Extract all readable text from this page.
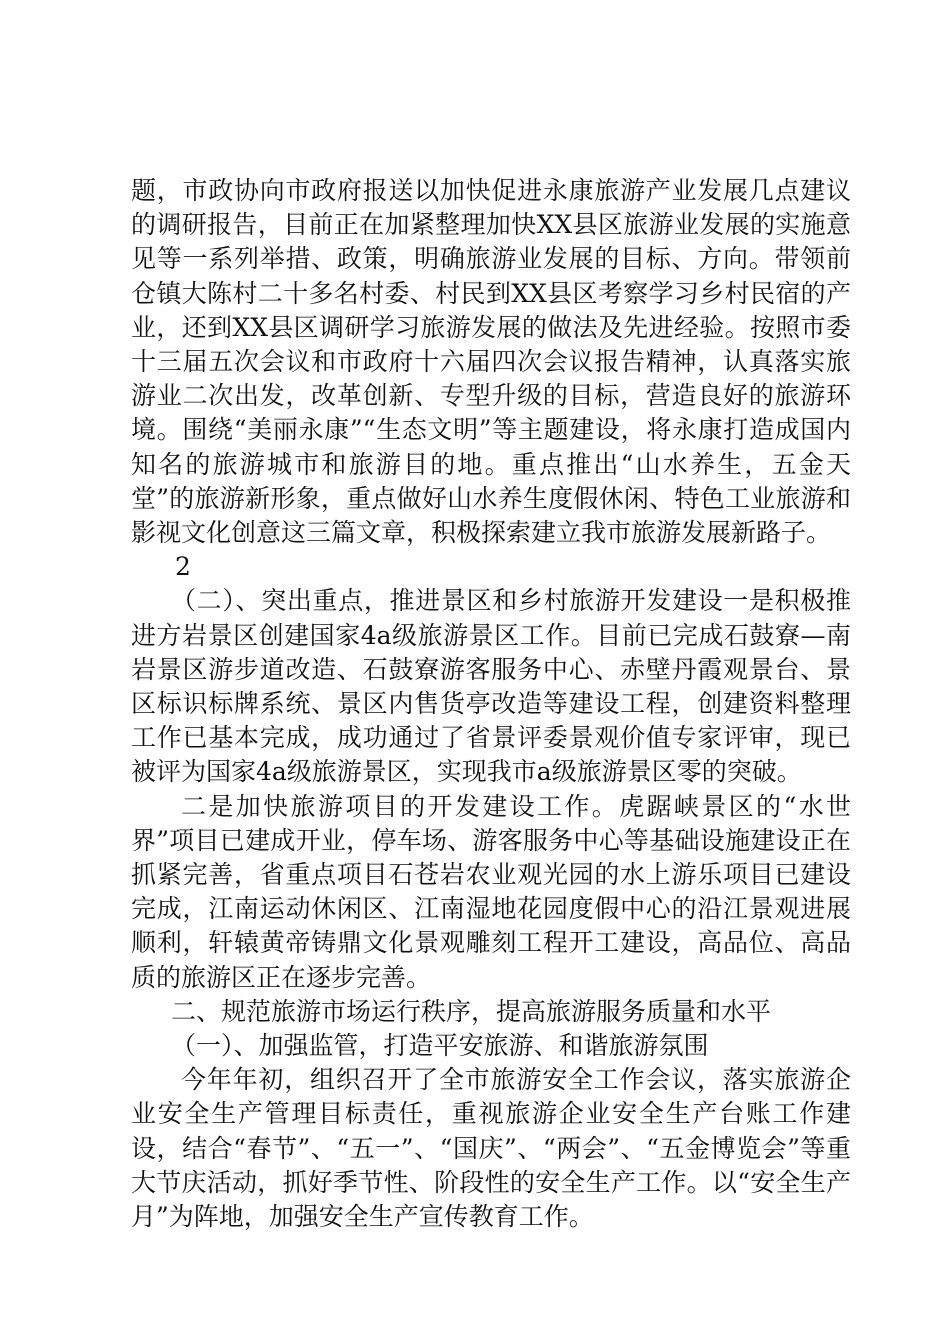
题，市政协向市政府报送以加快促进永康旅游产业发展几点建议的调研报告，目前正在加紧整理加快XX县区旅游业发展的实施意见等一系列举措、政策，明确旅游业发展的目标、方向。带领前仓镇大陈村二十多名村委、村民到XX县区考察学习乡村民宿的产业，还到XX县区调研学习旅游发展的做法及先进经验。按照市委十三届五次会议和市政府十六届四次会议报告精神，认真落实旅游业二次出发，改革创新、专型升级的目标，营造良好的旅游环境。围绕“美丽永康”“生态文明”等主题建设，将永康打造成国内知名的旅游城市和旅游目的地。重点推出“山水养生，五金天堂”的旅游新形象，重点做好山水养生度假休闲、特色工业旅游和影视文化创意这三篇文章，积极探索建立我市旅游发展新路子。

2

（二）、突出重点，推进景区和乡村旅游开发建设一是积极推进方岩景区创建国家4a级旅游景区工作。目前已完成石鼓寮—南岩景区游步道改造、石鼓寮游客服务中心、赤壁丹霞观景台、景区标识标牌系统、景区内售货亭改造等建设工程，创建资料整理工作已基本完成，成功通过了省景评委景观价值专家评审，现已被评为国家4a级旅游景区，实现我市a级旅游景区零的突破。

二是加快旅游项目的开发建设工作。虎踞峡景区的“水世界”项目已建成开业，停车场、游客服务中心等基础设施建设正在抓紧完善，省重点项目石苍岩农业观光园的水上游乐项目已建设完成，江南运动休闲区、江南湿地花园度假中心的沿江景观进展顺利，轩辕黄帝铸鼎文化景观雕刻工程开工建设，高品位、高品质的旅游区正在逐步完善。

二、规范旅游市场运行秩序，提高旅游服务质量和水平

（一）、加强监管，打造平安旅游、和谐旅游氛围

今年年初，组织召开了全市旅游安全工作会议，落实旅游企业安全生产管理目标责任，重视旅游企业安全生产台账工作建设，结合“春节”、“五一”、“国庆”、“两会”、“五金博览会”等重大节庆活动，抓好季节性、阶段性的安全生产工作。以“安全生产月”为阵地，加强安全生产宣传教育工作。
